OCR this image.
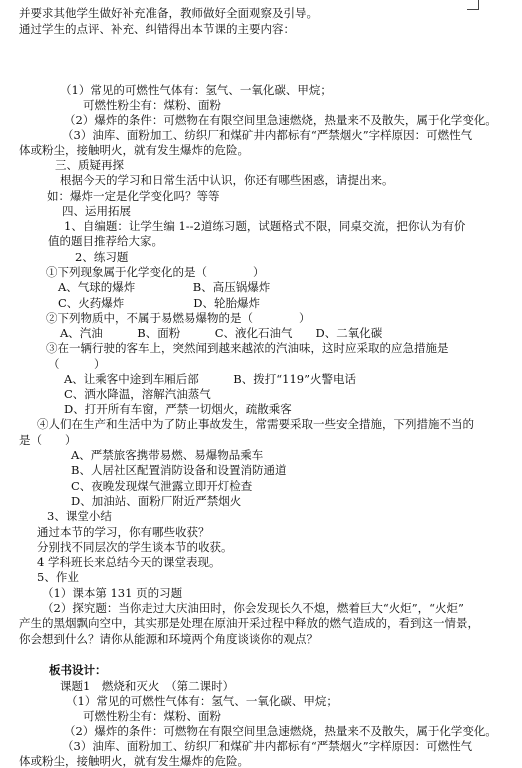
并要求其他学生做好补充准备，教师做好全面观察及引导。
通过学生的点评、补充、纠错得出本节课的主要内容：
（1）常见的可燃性气体有：氢气、一氧化碳、甲烷；
可燃性粉尘有：煤粉、面粉
（2）爆炸的条件：可燃物在有限空间里急速燃烧，热量来不及散失，属于化学变化。
（3）油库、面粉加工、纺织厂和煤矿井内都标有“严禁烟火”字样原因：可燃性气
体或粉尘，接触明火，就有发生爆炸的危险。
三、质疑再探
根据今天的学习和日常生活中认识，你还有哪些困惑，请提出来。
如：爆炸一定是化学变化吗？等等
四、运用拓展
1、自编题：让学生编 1--2道练习题，试题格式不限，同桌交流，把你认为有价
值的题目推荐给大家。
2、练习题
①下列现象属于化学变化的是（　　　　）
A、气球的爆炸　　　　　B、高压锅爆炸
C、火药爆炸　　　　　　D、轮胎爆炸
②下列物质中，不属于易燃易爆物的是（　　　　）
A、汽油　　　B、面粉　　　C、液化石油气　　D、二氧化碳
③在一辆行驶的客车上，突然闻到越来越浓的汽油味，这时应采取的应急措施是
（　　　）
A、让乘客中途到车厢后部　　　B、拨打“119”火警电话
C、洒水降温，溶解汽油蒸气
D、打开所有车窗，严禁一切烟火，疏散乘客
④人们在生产和生活中为了防止事故发生，常需要采取一些安全措施，下列措施不当的
是（　　）
A、严禁旅客携带易燃、易爆物品乘车
B、人居社区配置消防设备和设置消防通道
C、夜晚发现煤气泄露立即开灯检查
D、加油站、面粉厂附近严禁烟火
3、课堂小结
通过本节的学习，你有哪些收获？
分别找不同层次的学生谈本节的收获。
4 学科班长来总结今天的课堂表现。
5、作业
（1）课本第 131 页的习题
（2）探究题：当你走过大庆油田时，你会发现长久不熄，燃着巨大“火炬”，“火炬”
产生的黑烟飘向空中，其实那是处理在原油开采过程中释放的燃气造成的，看到这一情景，
你会想到什么？请你从能源和环境两个角度谈谈你的观点？
板书设计：
课题1　燃烧和灭火　（第二课时）
（1）常见的可燃性气体有：氢气、一氧化碳、甲烷；
可燃性粉尘有：煤粉、面粉
（2）爆炸的条件：可燃物在有限空间里急速燃烧，热量来不及散失，属于化学变化。
（3）油库、面粉加工、纺织厂和煤矿井内都标有“严禁烟火”字样原因：可燃性气
体或粉尘，接触明火，就有发生爆炸的危险。
